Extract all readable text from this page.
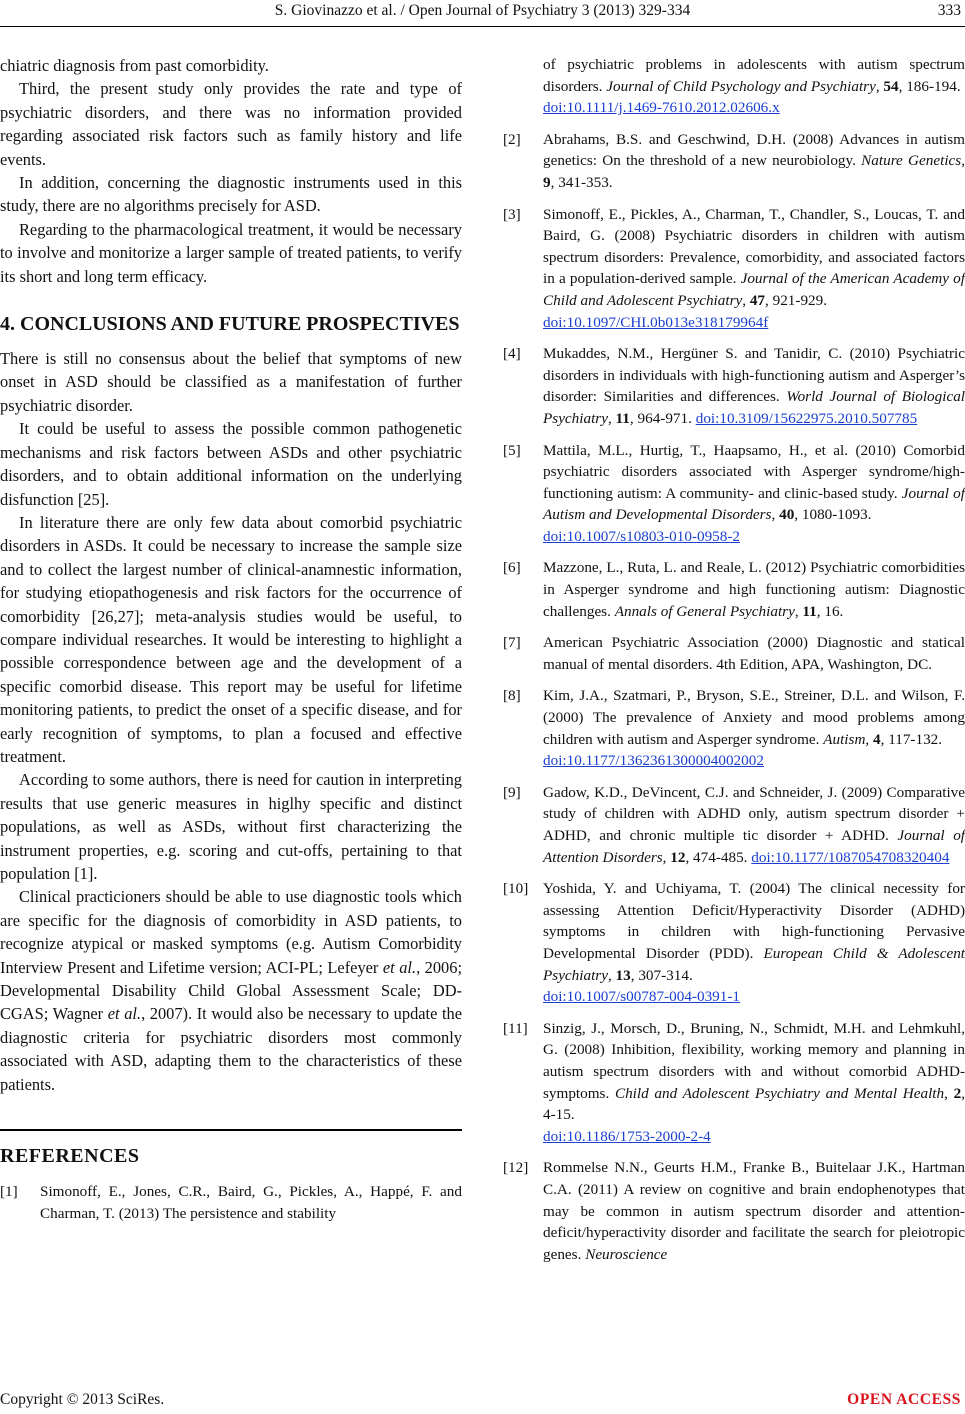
S. Giovinazzo et al. / Open Journal of Psychiatry 3 (2013) 329-334	333

chiatric diagnosis from past comorbidity.

Third, the present study only provides the rate and type of psychiatric disorders, and there was no information provided regarding associated risk factors such as family history and life events.

In addition, concerning the diagnostic instruments used in this study, there are no algorithms precisely for ASD.

Regarding to the pharmacological treatment, it would be necessary to involve and monitorize a larger sample of treated patients, to verify its short and long term efficacy.

4. CONCLUSIONS AND FUTURE PROSPECTIVES

There is still no consensus about the belief that symptoms of new onset in ASD should be classified as a manifestation of further psychiatric disorder.

It could be useful to assess the possible common pathogenetic mechanisms and risk factors between ASDs and other psychiatric disorders, and to obtain additional information on the underlying disfunction [25].

In literature there are only few data about comorbid psychiatric disorders in ASDs. It could be necessary to increase the sample size and to collect the largest number of clinical-anamnestic information, for studying etiopathogenesis and risk factors for the occurrence of comorbidity [26,27]; meta-analysis studies would be useful, to compare individual researches. It would be interesting to highlight a possible correspondence between age and the development of a specific comorbid disease. This report may be useful for lifetime monitoring patients, to predict the onset of a specific disease, and for early recognition of symptoms, to plan a focused and effective treatment.

According to some authors, there is need for caution in interpreting results that use generic measures in higlhy specific and distinct populations, as well as ASDs, without first characterizing the instrument properties, e.g. scoring and cut-offs, pertaining to that population [1].

Clinical practicioners should be able to use diagnostic tools which are specific for the diagnosis of comorbidity in ASD patients, to recognize atypical or masked symptoms (e.g. Autism Comorbidity Interview Present and Lifetime version; ACI-PL; Lefeyer et al., 2006; Developmental Disability Child Global Assessment Scale; DD-CGAS; Wagner et al., 2007). It would also be necessary to update the diagnostic criteria for psychiatric disorders most commonly associated with ASD, adapting them to the characteristics of these patients.

REFERENCES
[1] Simonoff, E., Jones, C.R., Baird, G., Pickles, A., Happé, F. and Charman, T. (2013) The persistence and stability
of psychiatric problems in adolescents with autism spectrum disorders. Journal of Child Psychology and Psychiatry, 54, 186-194.
doi:10.1111/j.1469-7610.2012.02606.x
[2] Abrahams, B.S. and Geschwind, D.H. (2008) Advances in autism genetics: On the threshold of a new neurobiology. Nature Genetics, 9, 341-353.
[3] Simonoff, E., Pickles, A., Charman, T., Chandler, S., Loucas, T. and Baird, G. (2008) Psychiatric disorders in children with autism spectrum disorders: Prevalence, comorbidity, and associated factors in a population-derived sample. Journal of the American Academy of Child and Adolescent Psychiatry, 47, 921-929.
doi:10.1097/CHI.0b013e318179964f
[4] Mukaddes, N.M., Hergüner S. and Tanidir, C. (2010) Psychiatric disorders in individuals with high-functioning autism and Asperger’s disorder: Similarities and differences. World Journal of Biological Psychiatry, 11, 964-971. doi:10.3109/15622975.2010.507785
[5] Mattila, M.L., Hurtig, T., Haapsamo, H., et al. (2010) Comorbid psychiatric disorders associated with Asperger syndrome/high-functioning autism: A community- and clinic-based study. Journal of Autism and Developmental Disorders, 40, 1080-1093.
doi:10.1007/s10803-010-0958-2
[6] Mazzone, L., Ruta, L. and Reale, L. (2012) Psychiatric comorbidities in Asperger syndrome and high functioning autism: Diagnostic challenges. Annals of General Psychiatry, 11, 16.
[7] American Psychiatric Association (2000) Diagnostic and statical manual of mental disorders. 4th Edition, APA, Washington, DC.
[8] Kim, J.A., Szatmari, P., Bryson, S.E., Streiner, D.L. and Wilson, F. (2000) The prevalence of Anxiety and mood problems among children with autism and Asperger syndrome. Autism, 4, 117-132.
doi:10.1177/1362361300004002002
[9] Gadow, K.D., DeVincent, C.J. and Schneider, J. (2009) Comparative study of children with ADHD only, autism spectrum disorder + ADHD, and chronic multiple tic disorder + ADHD. Journal of Attention Disorders, 12, 474-485. doi:10.1177/1087054708320404
[10] Yoshida, Y. and Uchiyama, T. (2004) The clinical necessity for assessing Attention Deficit/Hyperactivity Disorder (ADHD) symptoms in children with high-functioning Pervasive Developmental Disorder (PDD). European Child & Adolescent Psychiatry, 13, 307-314.
doi:10.1007/s00787-004-0391-1
[11] Sinzig, J., Morsch, D., Bruning, N., Schmidt, M.H. and Lehmkuhl, G. (2008) Inhibition, flexibility, working memory and planning in autism spectrum disorders with and without comorbid ADHD-symptoms. Child and Adolescent Psychiatry and Mental Health, 2, 4-15.
doi:10.1186/1753-2000-2-4
[12] Rommelse N.N., Geurts H.M., Franke B., Buitelaar J.K., Hartman C.A. (2011) A review on cognitive and brain endophenotypes that may be common in autism spectrum disorder and attention-deficit/hyperactivity disorder and facilitate the search for pleiotropic genes. Neuroscience
Copyright © 2013 SciRes.	OPEN ACCESS
